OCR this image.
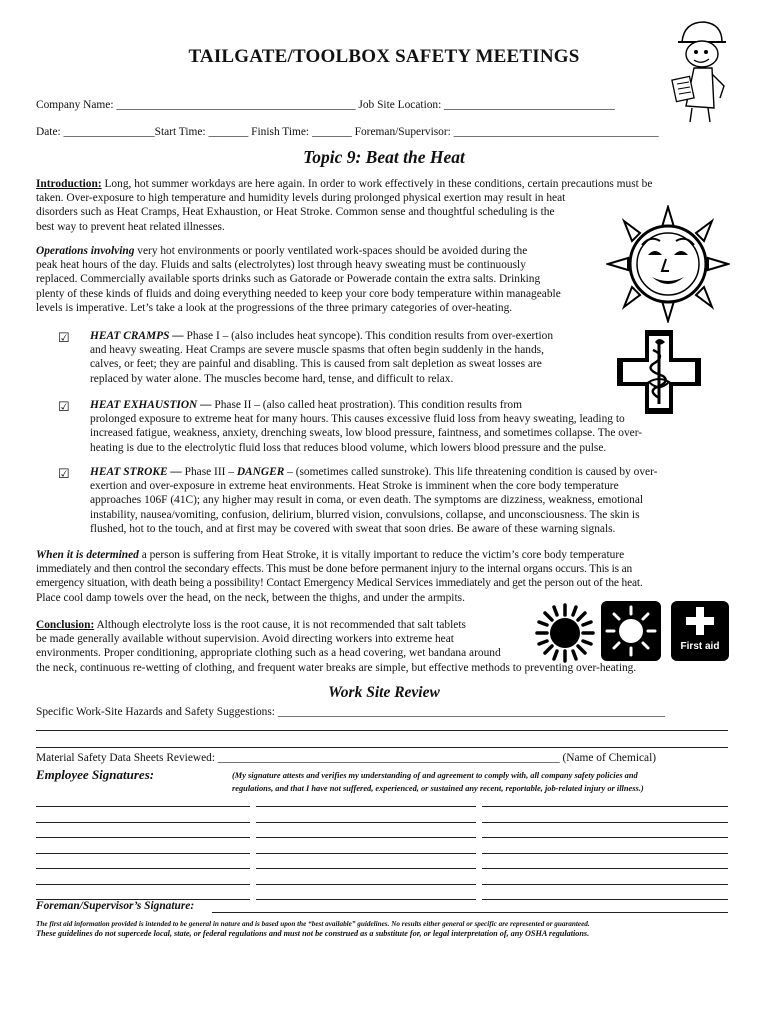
TAILGATE/TOOLBOX SAFETY MEETINGS
Company Name: __________________________________________ Job Site Location: ______________________________
Date: ________________Start Time: _______ Finish Time: _______ Foreman/Supervisor: ____________________________________
Topic 9: Beat the Heat
Introduction: Long, hot summer workdays are here again. In order to work effectively in these conditions, certain precautions must be
taken. Over-exposure to high temperature and humidity levels during prolonged physical exertion may result in heat
disorders such as Heat Cramps, Heat Exhaustion, or Heat Stroke. Common sense and thoughtful scheduling is the
best way to prevent heat related illnesses.
Operations involving very hot environments or poorly ventilated work-spaces should be avoided during the
peak heat hours of the day. Fluids and salts (electrolytes) lost through heavy sweating must be continuously
replaced. Commercially available sports drinks such as Gatorade or Powerade contain the extra salts. Drinking
plenty of these kinds of fluids and doing everything needed to keep your core body temperature within manageable
levels is imperative. Let’s take a look at the progressions of the three primary categories of over-heating.
☑ HEAT CRAMPS — Phase I – (also includes heat syncope). This condition results from over-exertion
and heavy sweating. Heat Cramps are severe muscle spasms that often begin suddenly in the hands,
calves, or feet; they are painful and disabling. This is caused from salt depletion as sweat losses are
replaced by water alone. The muscles become hard, tense, and difficult to relax.
☑ HEAT EXHAUSTION — Phase II – (also called heat prostration). This condition results from
prolonged exposure to extreme heat for many hours. This causes excessive fluid loss from heavy sweating, leading to
increased fatigue, weakness, anxiety, drenching sweats, low blood pressure, faintness, and sometimes collapse. The over-
heating is due to the electrolytic fluid loss that reduces blood volume, which lowers blood pressure and the pulse.
☑ HEAT STROKE — Phase III – DANGER – (sometimes called sunstroke). This life threatening condition is caused by over-
exertion and over-exposure in extreme heat environments. Heat Stroke is imminent when the core body temperature
approaches 106F (41C); any higher may result in coma, or even death. The symptoms are dizziness, weakness, emotional
instability, nausea/vomiting, confusion, delirium, blurred vision, convulsions, collapse, and unconsciousness. The skin is
flushed, hot to the touch, and at first may be covered with sweat that soon dries. Be aware of these warning signals.
When it is determined a person is suffering from Heat Stroke, it is vitally important to reduce the victim’s core body temperature
immediately and then control the secondary effects. This must be done before permanent injury to the internal organs occurs. This is an
emergency situation, with death being a possibility! Contact Emergency Medical Services immediately and get the person out of the heat.
Place cool damp towels over the head, on the neck, between the thighs, and under the armpits.
Conclusion: Although electrolyte loss is the root cause, it is not recommended that salt tablets
be made generally available without supervision. Avoid directing workers into extreme heat
environments. Proper conditioning, appropriate clothing such as a head covering, wet bandana around
the neck, continuous re-wetting of clothing, and frequent water breaks are simple, but effective methods to preventing over-heating.
First aid
Work Site Review
Specific Work-Site Hazards and Safety Suggestions: ____________________________________________________________________
Material Safety Data Sheets Reviewed: ____________________________________________________________ (Name of Chemical)
Employee Signatures:	(My signature attests and verifies my understanding of and agreement to comply with, all company safety policies and
regulations, and that I have not suffered, experienced, or sustained any recent, reportable, job-related injury or illness.)
Foreman/Supervisor’s Signature:
The first aid information provided is intended to be general in nature and is based upon the “best available” guidelines. No results either general or specific are represented or guaranteed.
These guidelines do not supercede local, state, or federal regulations and must not be construed as a substitute for, or legal interpretation of, any OSHA regulations.
